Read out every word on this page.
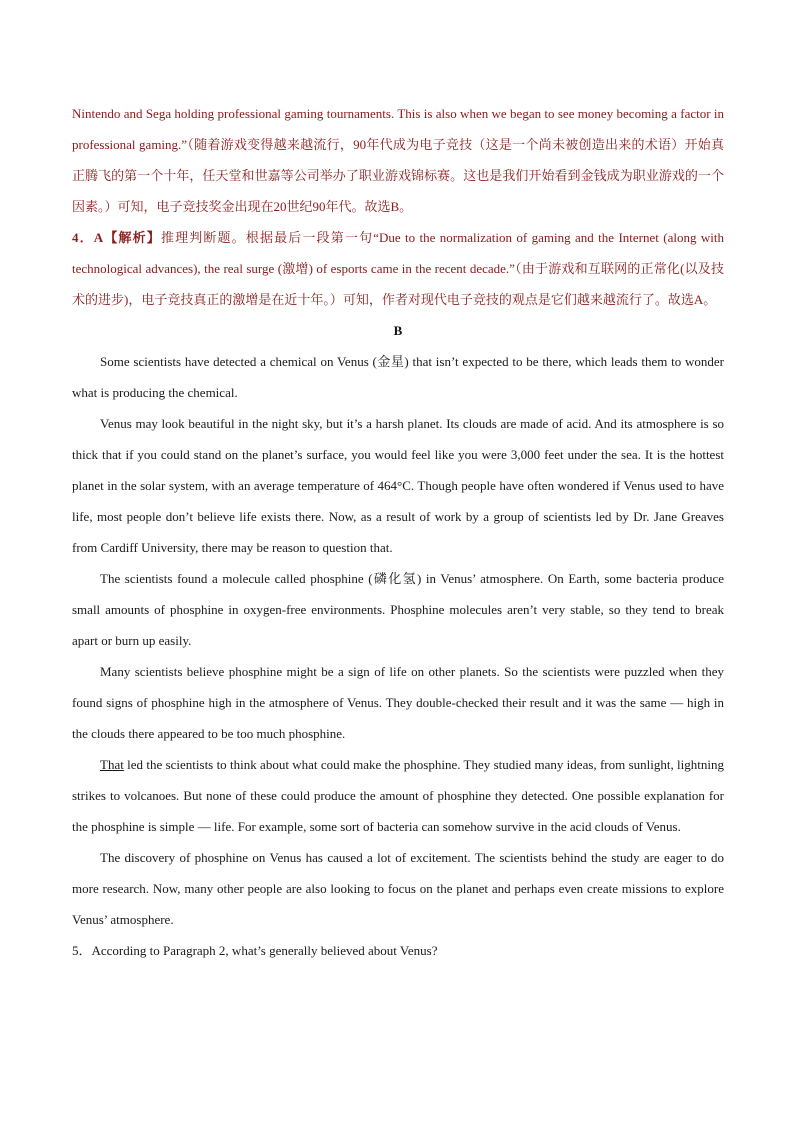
Nintendo and Sega holding professional gaming tournaments. This is also when we began to see money becoming a factor in professional gaming.”（随着游戏变得越来越流行，90年代成为电子竞技（这是一个尚未被创造出来的术语）开始真正腾飞的第一个十年，任天堂和世嘉等公司举办了职业游戏锦标赛。这也是我们开始看到金钱成为职业游戏的一个因素。）可知，电子竞技奖金出现在20世纪90年代。故选B。

4．A【解析】推理判断题。根据最后一段第一句“Due to the normalization of gaming and the Internet (along with technological advances), the real surge (激增) of esports came in the recent decade.”（由于游戏和互联网的正常化(以及技术的进步)，电子竞技真正的激增是在近十年。）可知，作者对现代电子竞技的观点是它们越来越流行了。故选A。

B

Some scientists have detected a chemical on Venus (金星) that isn’t expected to be there, which leads them to wonder what is producing the chemical.

Venus may look beautiful in the night sky, but it’s a harsh planet. Its clouds are made of acid. And its atmosphere is so thick that if you could stand on the planet’s surface, you would feel like you were 3,000 feet under the sea. It is the hottest planet in the solar system, with an average temperature of 464°C. Though people have often wondered if Venus used to have life, most people don’t believe life exists there. Now, as a result of work by a group of scientists led by Dr. Jane Greaves from Cardiff University, there may be reason to question that.

The scientists found a molecule called phosphine (磷化氢) in Venus’ atmosphere. On Earth, some bacteria produce small amounts of phosphine in oxygen-free environments. Phosphine molecules aren’t very stable, so they tend to break apart or burn up easily.

Many scientists believe phosphine might be a sign of life on other planets. So the scientists were puzzled when they found signs of phosphine high in the atmosphere of Venus. They double-checked their result and it was the same — high in the clouds there appeared to be too much phosphine.

That led the scientists to think about what could make the phosphine. They studied many ideas, from sunlight, lightning strikes to volcanoes. But none of these could produce the amount of phosphine they detected. One possible explanation for the phosphine is simple — life. For example, some sort of bacteria can somehow survive in the acid clouds of Venus.

The discovery of phosphine on Venus has caused a lot of excitement. The scientists behind the study are eager to do more research. Now, many other people are also looking to focus on the planet and perhaps even create missions to explore Venus’ atmosphere.

5．According to Paragraph 2, what’s generally believed about Venus?
